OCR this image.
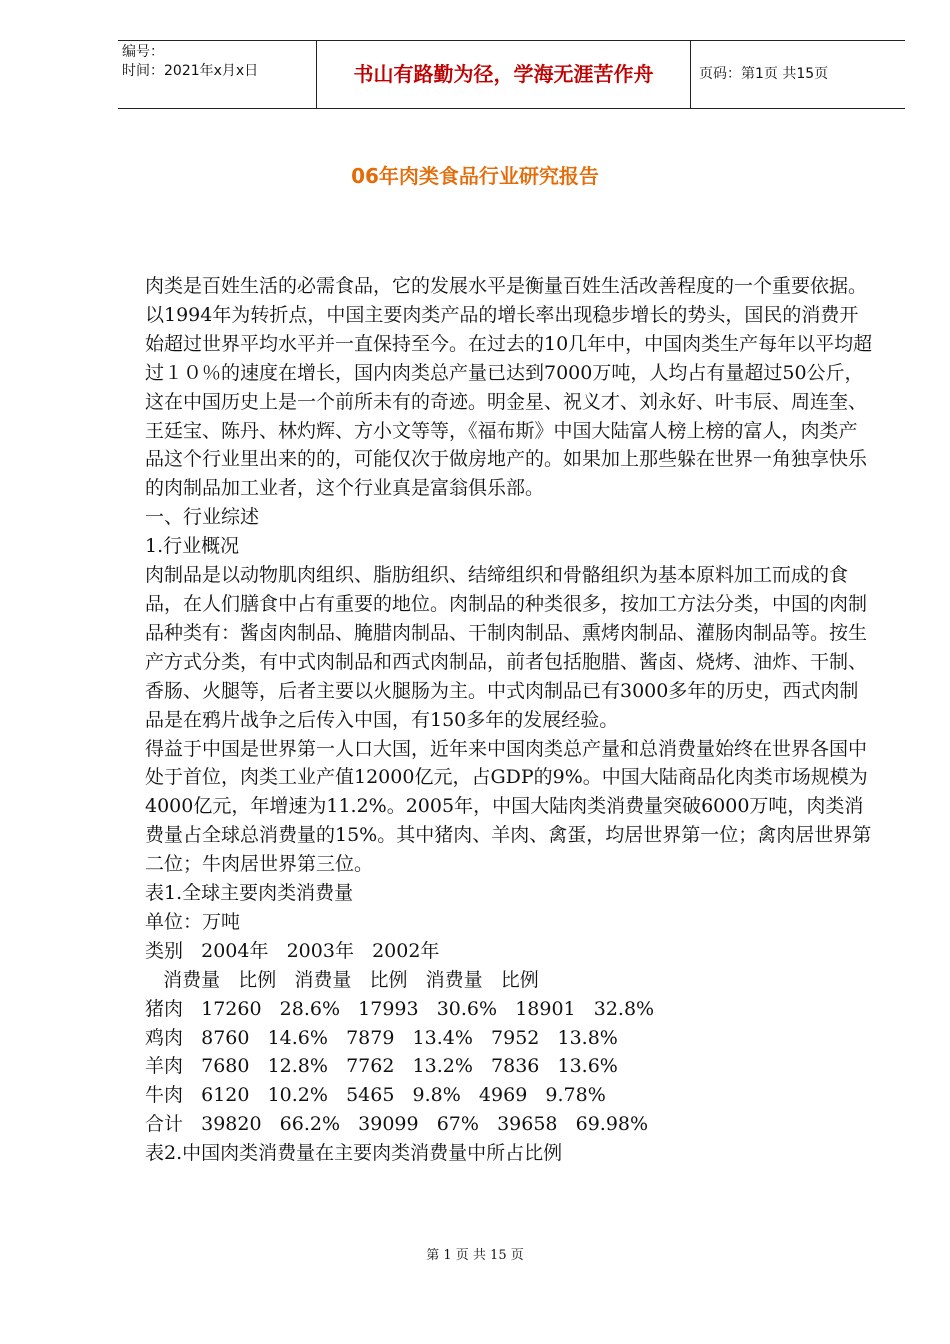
编号：
时间：2021年x月x日	书山有路勤为径，学海无涯苦作舟	页码：第1页 共15页
06年肉类食品行业研究报告

肉类是百姓生活的必需食品，它的发展水平是衡量百姓生活改善程度的一个重要依据。以1994年为转折点，中国主要肉类产品的增长率出现稳步增长的势头，国民的消费开始超过世界平均水平并一直保持至今。在过去的10几年中，中国肉类生产每年以平均超过１０％的速度在增长，国内肉类总产量已达到7000万吨，人均占有量超过50公斤，这在中国历史上是一个前所未有的奇迹。明金星、祝义才、刘永好、叶韦辰、周连奎、王廷宝、陈丹、林灼辉、方小文等等，《福布斯》中国大陆富人榜上榜的富人，肉类产品这个行业里出来的的，可能仅次于做房地产的。如果加上那些躲在世界一角独享快乐的肉制品加工业者，这个行业真是富翁俱乐部。

一、行业综述

1.行业概况

肉制品是以动物肌肉组织、脂肪组织、结缔组织和骨骼组织为基本原料加工而成的食品，在人们膳食中占有重要的地位。肉制品的种类很多，按加工方法分类，中国的肉制品种类有：酱卤肉制品、腌腊肉制品、干制肉制品、熏烤肉制品、灌肠肉制品等。按生产方式分类，有中式肉制品和西式肉制品，前者包括胞腊、酱卤、烧烤、油炸、干制、香肠、火腿等，后者主要以火腿肠为主。中式肉制品已有3000多年的历史，西式肉制品是在鸦片战争之后传入中国，有150多年的发展经验。

得益于中国是世界第一人口大国，近年来中国肉类总产量和总消费量始终在世界各国中处于首位，肉类工业产值12000亿元，占GDP的9%。中国大陆商品化肉类市场规模为4000亿元，年增速为11.2%。2005年，中国大陆肉类消费量突破6000万吨，肉类消费量占全球总消费量的15%。其中猪肉、羊肉、禽蛋，均居世界第一位；禽肉居世界第二位；牛肉居世界第三位。

表1.全球主要肉类消费量

单位：万吨

类别   2004年   2003年   2002年

消费量   比例   消费量   比例   消费量   比例

猪肉   17260   28.6%   17993   30.6%   18901   32.8%

鸡肉   8760   14.6%   7879   13.4%   7952   13.8%

羊肉   7680   12.8%   7762   13.2%   7836   13.6%

牛肉   6120   10.2%   5465   9.8%   4969   9.78%

合计   39820   66.2%   39099   67%   39658   69.98%

表2.中国肉类消费量在主要肉类消费量中所占比例

第 1 页 共 15 页
